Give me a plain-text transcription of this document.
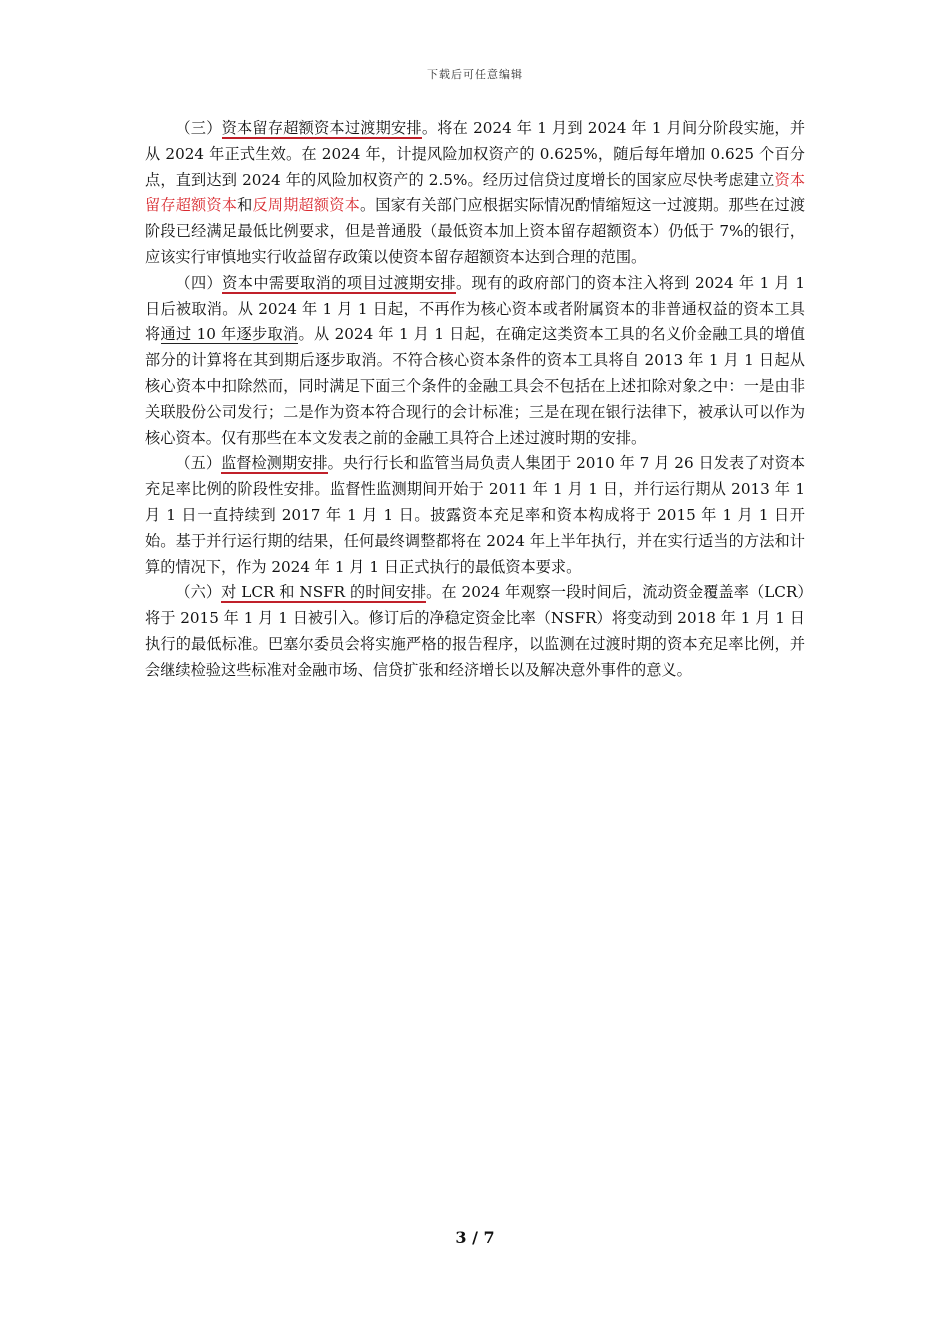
下载后可任意编辑

（三）资本留存超额资本过渡期安排。将在 2024 年 1 月到 2024 年 1 月间分阶段实施，并从 2024 年正式生效。在 2024 年，计提风险加权资产的 0.625%，随后每年增加 0.625 个百分点，直到达到 2024 年的风险加权资产的 2.5%。经历过信贷过度增长的国家应尽快考虑建立资本留存超额资本和反周期超额资本。国家有关部门应根据实际情况酌情缩短这一过渡期。那些在过渡阶段已经满足最低比例要求，但是普通股（最低资本加上资本留存超额资本）仍低于 7%的银行，应该实行审慎地实行收益留存政策以使资本留存超额资本达到合理的范围。

（四）资本中需要取消的项目过渡期安排。现有的政府部门的资本注入将到 2024 年 1 月 1 日后被取消。从 2024 年 1 月 1 日起，不再作为核心资本或者附属资本的非普通权益的资本工具将通过 10 年逐步取消。从 2024 年 1 月 1 日起，在确定这类资本工具的名义价金融工具的增值部分的计算将在其到期后逐步取消。不符合核心资本条件的资本工具将自 2013 年 1 月 1 日起从核心资本中扣除然而，同时满足下面三个条件的金融工具会不包括在上述扣除对象之中：一是由非关联股份公司发行；二是作为资本符合现行的会计标准；三是在现在银行法律下，被承认可以作为核心资本。仅有那些在本文发表之前的金融工具符合上述过渡时期的安排。

（五）监督检测期安排。央行行长和监管当局负责人集团于 2010 年 7 月 26 日发表了对资本充足率比例的阶段性安排。监督性监测期间开始于 2011 年 1 月 1 日，并行运行期从 2013 年 1 月 1 日一直持续到 2017 年 1 月 1 日。披露资本充足率和资本构成将于 2015 年 1 月 1 日开始。基于并行运行期的结果，任何最终调整都将在 2024 年上半年执行，并在实行适当的方法和计算的情况下，作为 2024 年 1 月 1 日正式执行的最低资本要求。

（六）对 LCR 和 NSFR 的时间安排。在 2024 年观察一段时间后，流动资金覆盖率（LCR）将于 2015 年 1 月 1 日被引入。修订后的净稳定资金比率（NSFR）将变动到 2018 年 1 月 1 日执行的最低标准。巴塞尔委员会将实施严格的报告程序，以监测在过渡时期的资本充足率比例，并会继续检验这些标准对金融市场、信贷扩张和经济增长以及解决意外事件的意义。

3 / 7
